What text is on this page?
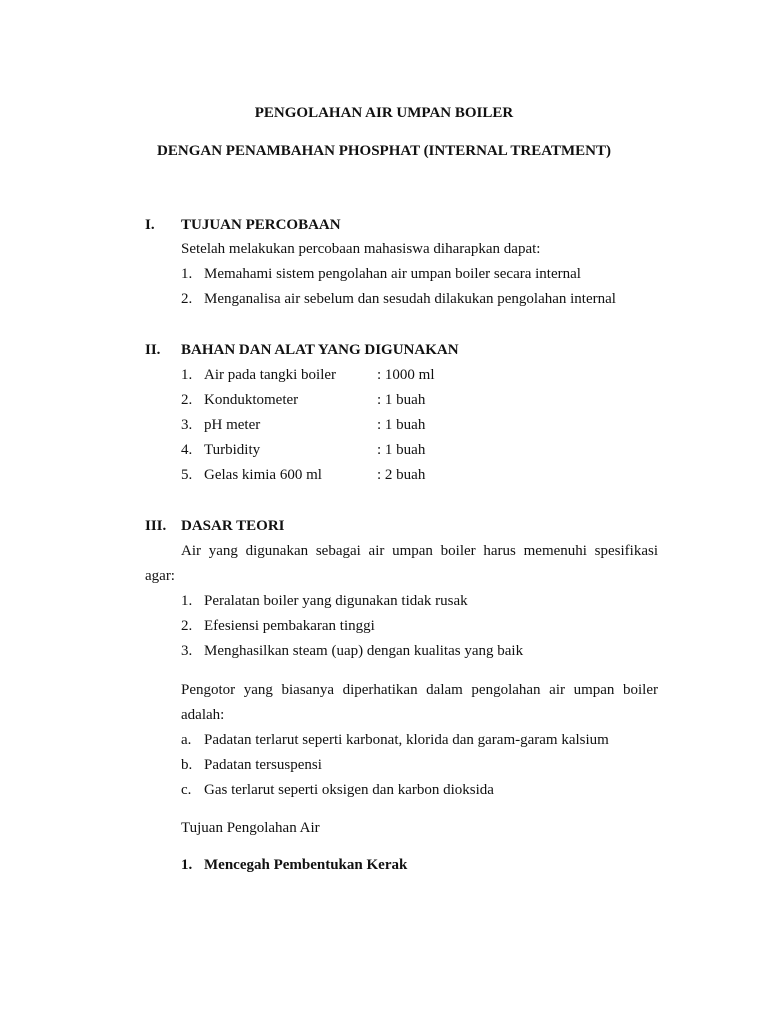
PENGOLAHAN AIR UMPAN BOILER
DENGAN PENAMBAHAN PHOSPHAT (INTERNAL TREATMENT)
I. TUJUAN PERCOBAAN
Setelah melakukan percobaan mahasiswa diharapkan dapat:
1. Memahami sistem pengolahan air umpan boiler secara internal
2. Menganalisa air sebelum dan sesudah dilakukan pengolahan internal
II. BAHAN DAN ALAT YANG DIGUNAKAN
1. Air pada tangki boiler	: 1000 ml
2. Konduktometer	: 1 buah
3. pH meter	: 1 buah
4. Turbidity	: 1 buah
5. Gelas kimia 600 ml	: 2 buah
III. DASAR TEORI
Air yang digunakan sebagai air umpan boiler harus memenuhi spesifikasi
agar:
1. Peralatan boiler yang digunakan tidak rusak
2. Efesiensi pembakaran tinggi
3. Menghasilkan steam (uap) dengan kualitas yang baik
Pengotor yang biasanya diperhatikan dalam pengolahan air umpan boiler
adalah:
a. Padatan terlarut seperti karbonat, klorida dan garam-garam kalsium
b. Padatan tersuspensi
c. Gas terlarut seperti oksigen dan karbon dioksida
Tujuan Pengolahan Air
1. Mencegah Pembentukan Kerak
